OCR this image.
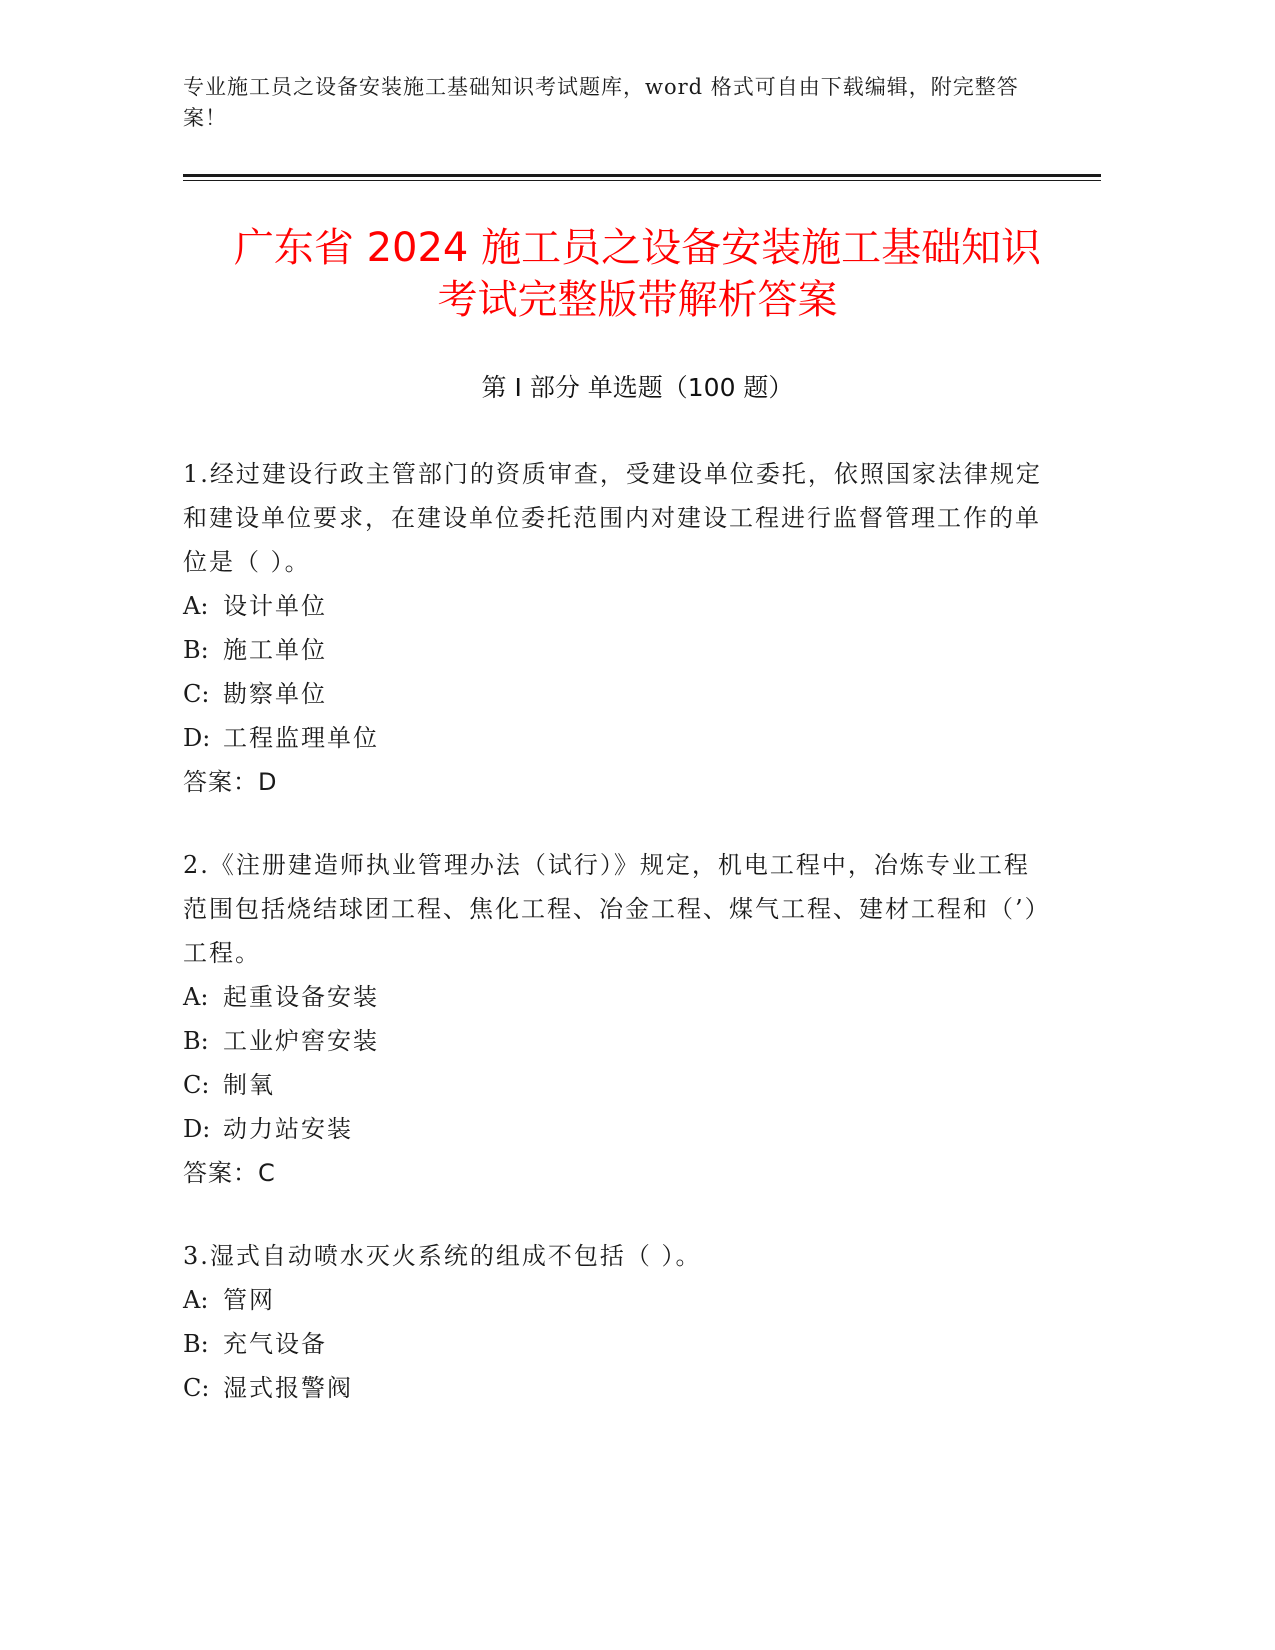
专业施工员之设备安装施工基础知识考试题库，word 格式可自由下载编辑，附完整答案！
广东省 2024 施工员之设备安装施工基础知识
考试完整版带解析答案
第 I 部分 单选题（100 题）
1.经过建设行政主管部门的资质审查，受建设单位委托，依照国家法律规定和建设单位要求，在建设单位委托范围内对建设工程进行监督管理工作的单位是（ ）。
A: 设计单位
B: 施工单位
C: 勘察单位
D: 工程监理单位
答案：D
2.《注册建造师执业管理办法（试行）》规定，机电工程中，冶炼专业工程范围包括烧结球团工程、焦化工程、冶金工程、煤气工程、建材工程和（’）工程。
A: 起重设备安装
B: 工业炉窖安装
C: 制氧
D: 动力站安装
答案：C
3.湿式自动喷水灭火系统的组成不包括（ ）。
A: 管网
B: 充气设备
C: 湿式报警阀
